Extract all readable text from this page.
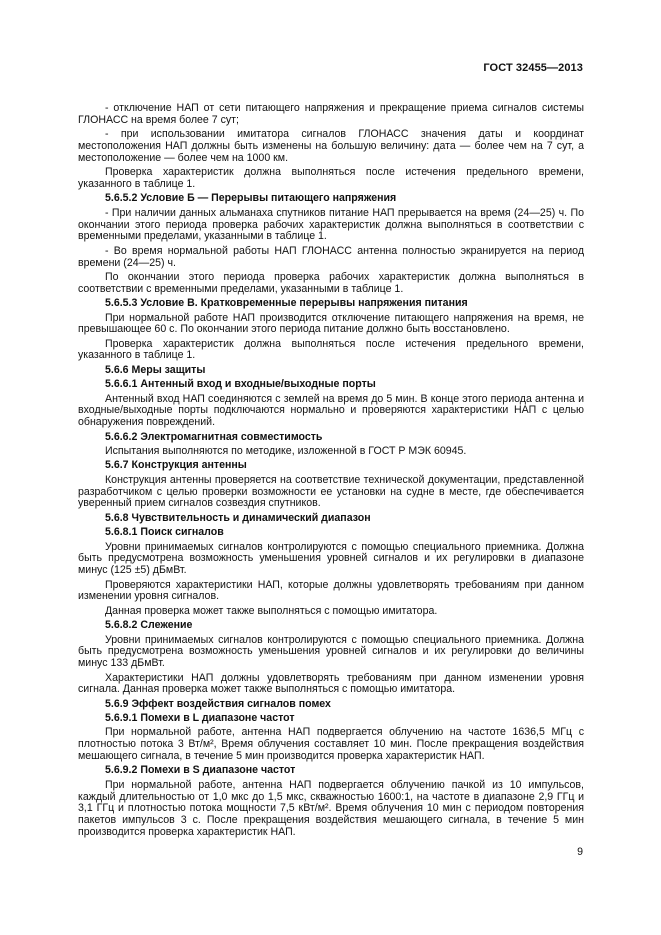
ГОСТ 32455—2013

- отключение НАП от сети питающего напряжения и прекращение приема сигналов системы ГЛОНАСС на время более 7 сут;

- при использовании имитатора сигналов ГЛОНАСС значения даты и координат местоположения НАП должны быть изменены на большую величину: дата — более чем на 7 сут, а местоположение — более чем на 1000 км.

Проверка характеристик должна выполняться после истечения предельного времени, указанного в таблице 1.

5.6.5.2 Условие Б — Перерывы питающего напряжения

- При наличии данных альманаха спутников питание НАП прерывается на время (24—25) ч. По окончании этого периода проверка рабочих характеристик должна выполняться в соответствии с временными пределами, указанными в таблице 1.

- Во время нормальной работы НАП ГЛОНАСС антенна полностью экранируется на период времени (24—25) ч.

По окончании этого периода проверка рабочих характеристик должна выполняться в соответствии с временными пределами, указанными в таблице 1.

5.6.5.3 Условие В. Кратковременные перерывы напряжения питания

При нормальной работе НАП производится отключение питающего напряжения на время, не превышающее 60 с. По окончании этого периода питание должно быть восстановлено.

Проверка характеристик должна выполняться после истечения предельного времени, указанного в таблице 1.

5.6.6 Меры защиты

5.6.6.1 Антенный вход и входные/выходные порты

Антенный вход НАП соединяются с землей на время до 5 мин. В конце этого периода антенна и входные/выходные порты подключаются нормально и проверяются характеристики НАП с целью обнаружения повреждений.

5.6.6.2 Электромагнитная совместимость

Испытания выполняются по методике, изложенной в ГОСТ Р МЭК 60945.

5.6.7 Конструкция антенны

Конструкция антенны проверяется на соответствие технической документации, представленной разработчиком с целью проверки возможности ее установки на судне в месте, где обеспечивается уверенный прием сигналов созвездия спутников.

5.6.8 Чувствительность и динамический диапазон

5.6.8.1 Поиск сигналов

Уровни принимаемых сигналов контролируются с помощью специального приемника. Должна быть предусмотрена возможность уменьшения уровней сигналов и их регулировки в диапазоне минус (125 ±5) дБмВт.

Проверяются характеристики НАП, которые должны удовлетворять требованиям при данном изменении уровня сигналов.

Данная проверка может также выполняться с помощью имитатора.

5.6.8.2 Слежение

Уровни принимаемых сигналов контролируются с помощью специального приемника. Должна быть предусмотрена возможность уменьшения уровней сигналов и их регулировки до величины минус 133 дБмВт.

Характеристики НАП должны удовлетворять требованиям при данном изменении уровня сигнала. Данная проверка может также выполняться с помощью имитатора.

5.6.9 Эффект воздействия сигналов помех

5.6.9.1 Помехи в L диапазоне частот

При нормальной работе, антенна НАП подвергается облучению на частоте 1636,5 МГц с плотностью потока 3 Вт/м², Время облучения составляет 10 мин. После прекращения воздействия мешающего сигнала, в течение 5 мин производится проверка характеристик НАП.

5.6.9.2 Помехи в S диапазоне частот

При нормальной работе, антенна НАП подвергается облучению пачкой из 10 импульсов, каждый длительностью от 1,0 мкс до 1,5 мкс, скважностью 1600:1, на частоте в диапазоне 2,9 ГГц и 3,1 ГГц и плотностью потока мощности 7,5 кВт/м². Время облучения 10 мин с периодом повторения пакетов импульсов 3 с. После прекращения воздействия мешающего сигнала, в течение 5 мин производится проверка характеристик НАП.

9
